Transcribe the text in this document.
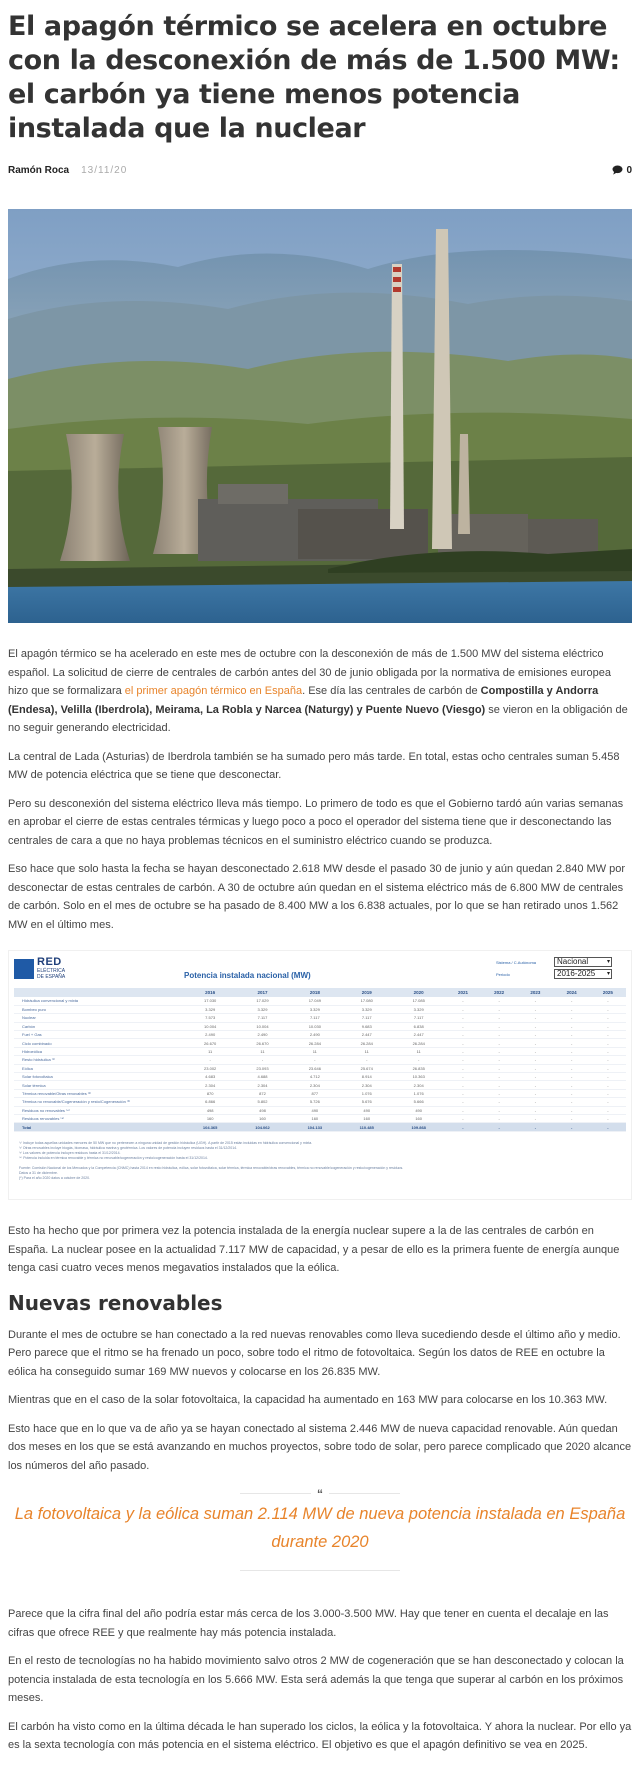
El apagón térmico se acelera en octubre con la desconexión de más de 1.500 MW: el carbón ya tiene menos potencia instalada que la nuclear
Ramón Roca 13/11/20	0

El apagón térmico se ha acelerado en este mes de octubre con la desconexión de más de 1.500 MW del sistema eléctrico español. La solicitud de cierre de centrales de carbón antes del 30 de junio obligada por la normativa de emisiones europea hizo que se formalizara el primer apagón térmico en España. Ese día las centrales de carbón de Compostilla y Andorra (Endesa), Velilla (Iberdrola), Meirama, La Robla y Narcea (Naturgy) y Puente Nuevo (Viesgo) se vieron en la obligación de no seguir generando electricidad.

La central de Lada (Asturias) de Iberdrola también se ha sumado pero más tarde. En total, estas ocho centrales suman 5.458 MW de potencia eléctrica que se tiene que desconectar.

Pero su desconexión del sistema eléctrico lleva más tiempo. Lo primero de todo es que el Gobierno tardó aún varias semanas en aprobar el cierre de estas centrales térmicas y luego poco a poco el operador del sistema tiene que ir desconectando las centrales de cara a que no haya problemas técnicos en el suministro eléctrico cuando se produzca.

Eso hace que solo hasta la fecha se hayan desconectado 2.618 MW desde el pasado 30 de junio y aún quedan 2.840 MW por desconectar de estas centrales de carbón. A 30 de octubre aún quedan en el sistema eléctrico más de 6.800 MW de centrales de carbón. Solo en el mes de octubre se ha pasado de 8.400 MW a los 6.838 actuales, por lo que se han retirado unos 1.562 MW en el último mes.

RED
ELÉCTRICA
DE ESPAÑA	Potencia instalada nacional (MW)
Sistema / C.Autónoma	Nacional ▾
Periodo	2016-2025 ▾
	2016	2017	2018	2019	2020	2021	2022	2023	2024	2025
Hidráulica convencional y mixta	17.030	17.029	17.049	17.080	17.085	-	-	-	-	-
Bombeo puro	3.329	3.329	3.329	3.329	3.329	-	-	-	-	-
Nuclear	7.573	7.117	7.117	7.117	7.117	-	-	-	-	-
Carbón	10.004	10.004	10.030	9.683	6.838	-	-	-	-	-
Fuel + Gas	2.490	2.490	2.490	2.447	2.447	-	-	-	-	-
Ciclo combinado	26.670	26.670	26.284	26.284	26.284	-	-	-	-	-
Hidroeólica	11	11	11	11	11	-	-	-	-	-
Resto hidráulica ⁽¹⁾	-	-	-	-	-	-	-	-	-	-
Eólica	23.002	23.093	23.646	25.674	26.835	-	-	-	-	-
Solar fotovoltaica	4.683	4.688	4.712	8.914	10.363	-	-	-	-	-
Solar térmica	2.304	2.304	2.304	2.304	2.304	-	-	-	-	-
Térmica renovable/Otras renovables ⁽²⁾	870	872	877	1.076	1.076	-	-	-	-	-
Térmica no renovable/Cogeneración y resto/Cogeneración ⁽³⁾	6.866	5.802	5.726	5.676	5.666	-	-	-	-	-
Residuos no renovables ⁽⁴⁾	498	498	490	490	490	-	-	-	-	-
Residuos renovables ⁽⁴⁾	160	160	160	160	160	-	-	-	-	-
Total	104.365	104.062	104.133	110.485	109.868	-	-	-	-	-
⁽¹⁾ Incluye todas aquellas unidades menores de 50 MW que no pertenecen a ninguna unidad de gestión hidráulica (UGH). A partir de 2015 están incluidas en hidráulica convencional y mixta.
⁽²⁾ Otras renovables incluye biogás, biomasa, hidráulica marina y geotérmica. Los valores de potencia incluyen residuos hasta el 31/12/2014.
⁽³⁾ Los valores de potencia incluyen residuos hasta el 31/12/2014.
⁽⁴⁾ Potencia incluida en térmica renovable y térmica no renovable/cogeneración y resto/cogeneración hasta el 31/12/2014.
Fuente: Comisión Nacional de los Mercados y la Competencia (CNMC) hasta 2014 en resto hidráulica, eólica, solar fotovoltaica, solar térmica, térmica renovable/otras renovables, térmica no renovable/cogeneración y resto/cogeneración y residuos.
Datos a 31 de diciembre.
(*) Para el año 2020 datos a octubre de 2020.

Esto ha hecho que por primera vez la potencia instalada de la energía nuclear supere a la de las centrales de carbón en España. La nuclear posee en la actualidad 7.117 MW de capacidad, y a pesar de ello es la primera fuente de energía aunque tenga casi cuatro veces menos megavatios instalados que la eólica.

Nuevas renovables

Durante el mes de octubre se han conectado a la red nuevas renovables como lleva sucediendo desde el último año y medio. Pero parece que el ritmo se ha frenado un poco, sobre todo el ritmo de fotovoltaica. Según los datos de REE en octubre la eólica ha conseguido sumar 169 MW nuevos y colocarse en los 26.835 MW.

Mientras que en el caso de la solar fotovoltaica, la capacidad ha aumentado en 163 MW para colocarse en los 10.363 MW.

Esto hace que en lo que va de año ya se hayan conectado al sistema 2.446 MW de nueva capacidad renovable. Aún quedan dos meses en los que se está avanzando en muchos proyectos, sobre todo de solar, pero parece complicado que 2020 alcance los números del año pasado.

“

La fotovoltaica y la eólica suman 2.114 MW de nueva potencia instalada en España durante 2020

Parece que la cifra final del año podría estar más cerca de los 3.000-3.500 MW. Hay que tener en cuenta el decalaje en las cifras que ofrece REE y que realmente hay más potencia instalada.

En el resto de tecnologías no ha habido movimiento salvo otros 2 MW de cogeneración que se han desconectado y colocan la potencia instalada de esta tecnología en los 5.666 MW. Esta será además la que tenga que superar al carbón en los próximos meses.

El carbón ha visto como en la última década le han superado los ciclos, la eólica y la fotovoltaica. Y ahora la nuclear. Por ello ya es la sexta tecnología con más potencia en el sistema eléctrico. El objetivo es que el apagón definitivo se vea en 2025.
